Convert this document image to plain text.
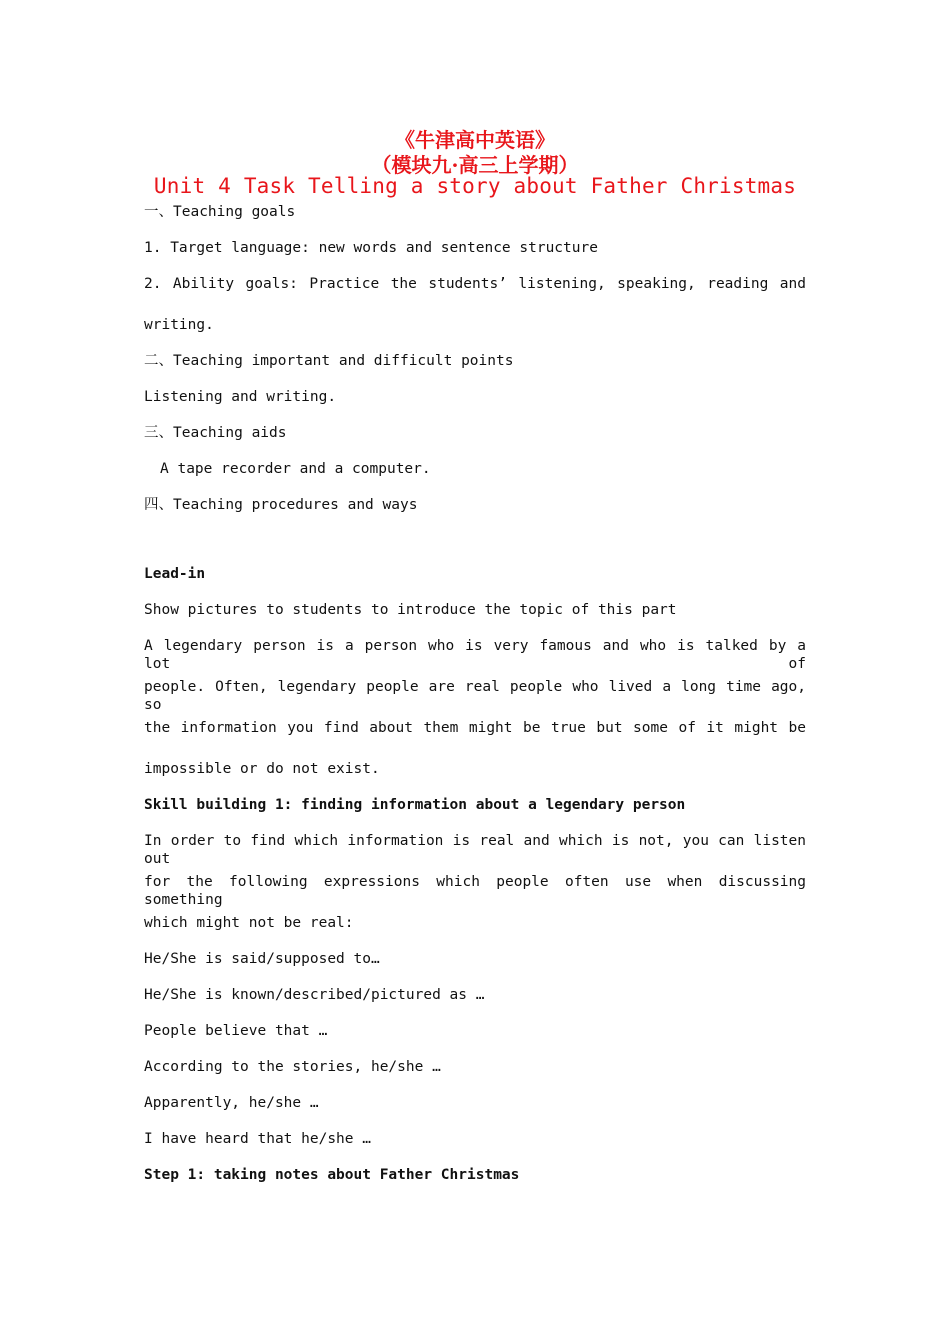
《牛津高中英语》
（模块九·高三上学期）
Unit 4 Task Telling a story about Father Christmas
一、Teaching goals
1. Target language: new words and sentence structure
2. Ability goals: Practice the students’ listening, speaking, reading and
writing.
二、Teaching important and difficult points
Listening and writing.
三、Teaching aids
A tape recorder and a computer.
四、Teaching procedures and ways
Lead-in
Show pictures to students to introduce the topic of this part
A legendary person is a person who is very famous and who is talked by a lot of
people. Often, legendary people are real people who lived a long time ago, so
the information you find about them might be true but some of it might be
impossible or do not exist.
Skill building 1: finding information about a legendary person
In order to find which information is real and which is not, you can listen out
for the following expressions which people often use when discussing something
which might not be real:
He/She is said/supposed to…
He/She is known/described/pictured as …
People believe that …
According to the stories, he/she …
Apparently, he/she …
I have heard that he/she …
Step 1: taking notes about Father Christmas
